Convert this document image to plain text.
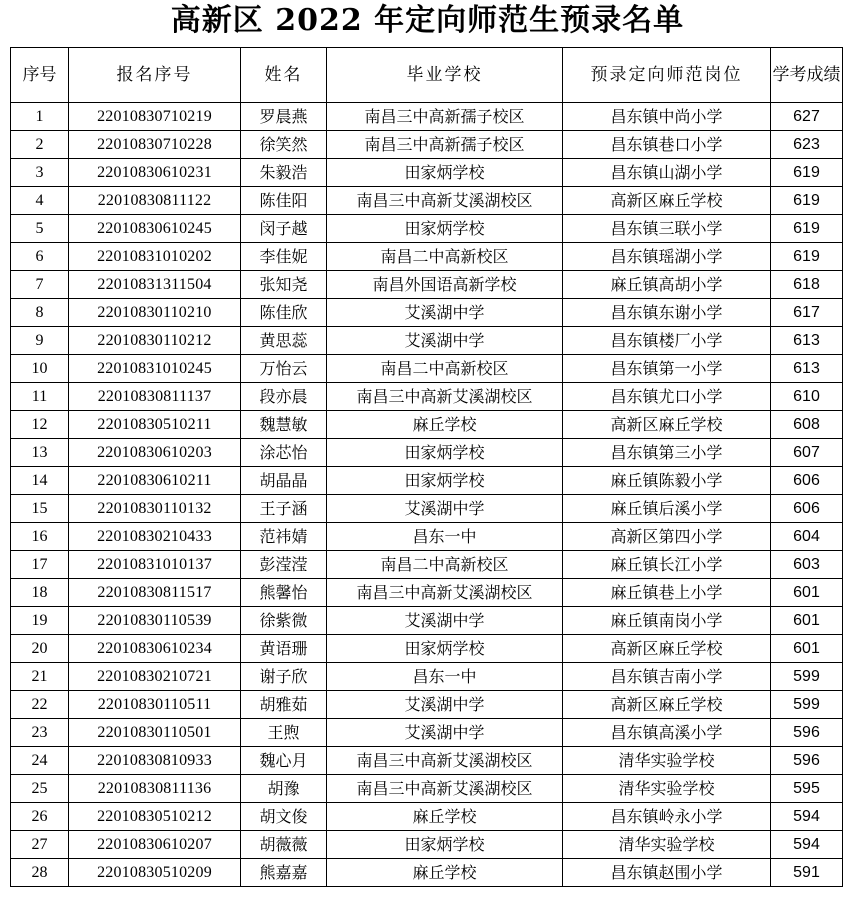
高新区 2022 年定向师范生预录名单
序号	报名序号	姓名	毕业学校	预录定向师范岗位	学考成绩
1	22010830710219	罗晨燕	南昌三中高新孺子校区	昌东镇中尚小学	627
2	22010830710228	徐笑然	南昌三中高新孺子校区	昌东镇巷口小学	623
3	22010830610231	朱毅浩	田家炳学校	昌东镇山湖小学	619
4	22010830811122	陈佳阳	南昌三中高新艾溪湖校区	高新区麻丘学校	619
5	22010830610245	闵子越	田家炳学校	昌东镇三联小学	619
6	22010831010202	李佳妮	南昌二中高新校区	昌东镇瑶湖小学	619
7	22010831311504	张知尧	南昌外国语高新学校	麻丘镇高胡小学	618
8	22010830110210	陈佳欣	艾溪湖中学	昌东镇东谢小学	617
9	22010830110212	黄思蕊	艾溪湖中学	昌东镇楼厂小学	613
10	22010831010245	万怡云	南昌二中高新校区	昌东镇第一小学	613
11	22010830811137	段亦晨	南昌三中高新艾溪湖校区	昌东镇尤口小学	610
12	22010830510211	魏慧敏	麻丘学校	高新区麻丘学校	608
13	22010830610203	涂芯怡	田家炳学校	昌东镇第三小学	607
14	22010830610211	胡晶晶	田家炳学校	麻丘镇陈毅小学	606
15	22010830110132	王子涵	艾溪湖中学	麻丘镇后溪小学	606
16	22010830210433	范祎婧	昌东一中	高新区第四小学	604
17	22010831010137	彭滢滢	南昌二中高新校区	麻丘镇长江小学	603
18	22010830811517	熊馨怡	南昌三中高新艾溪湖校区	麻丘镇巷上小学	601
19	22010830110539	徐紫微	艾溪湖中学	麻丘镇南岗小学	601
20	22010830610234	黄语珊	田家炳学校	高新区麻丘学校	601
21	22010830210721	谢子欣	昌东一中	昌东镇吉南小学	599
22	22010830110511	胡雅茹	艾溪湖中学	高新区麻丘学校	599
23	22010830110501	王煦	艾溪湖中学	昌东镇高溪小学	596
24	22010830810933	魏心月	南昌三中高新艾溪湖校区	清华实验学校	596
25	22010830811136	胡豫	南昌三中高新艾溪湖校区	清华实验学校	595
26	22010830510212	胡文俊	麻丘学校	昌东镇岭永小学	594
27	22010830610207	胡薇薇	田家炳学校	清华实验学校	594
28	22010830510209	熊嘉嘉	麻丘学校	昌东镇赵围小学	591
